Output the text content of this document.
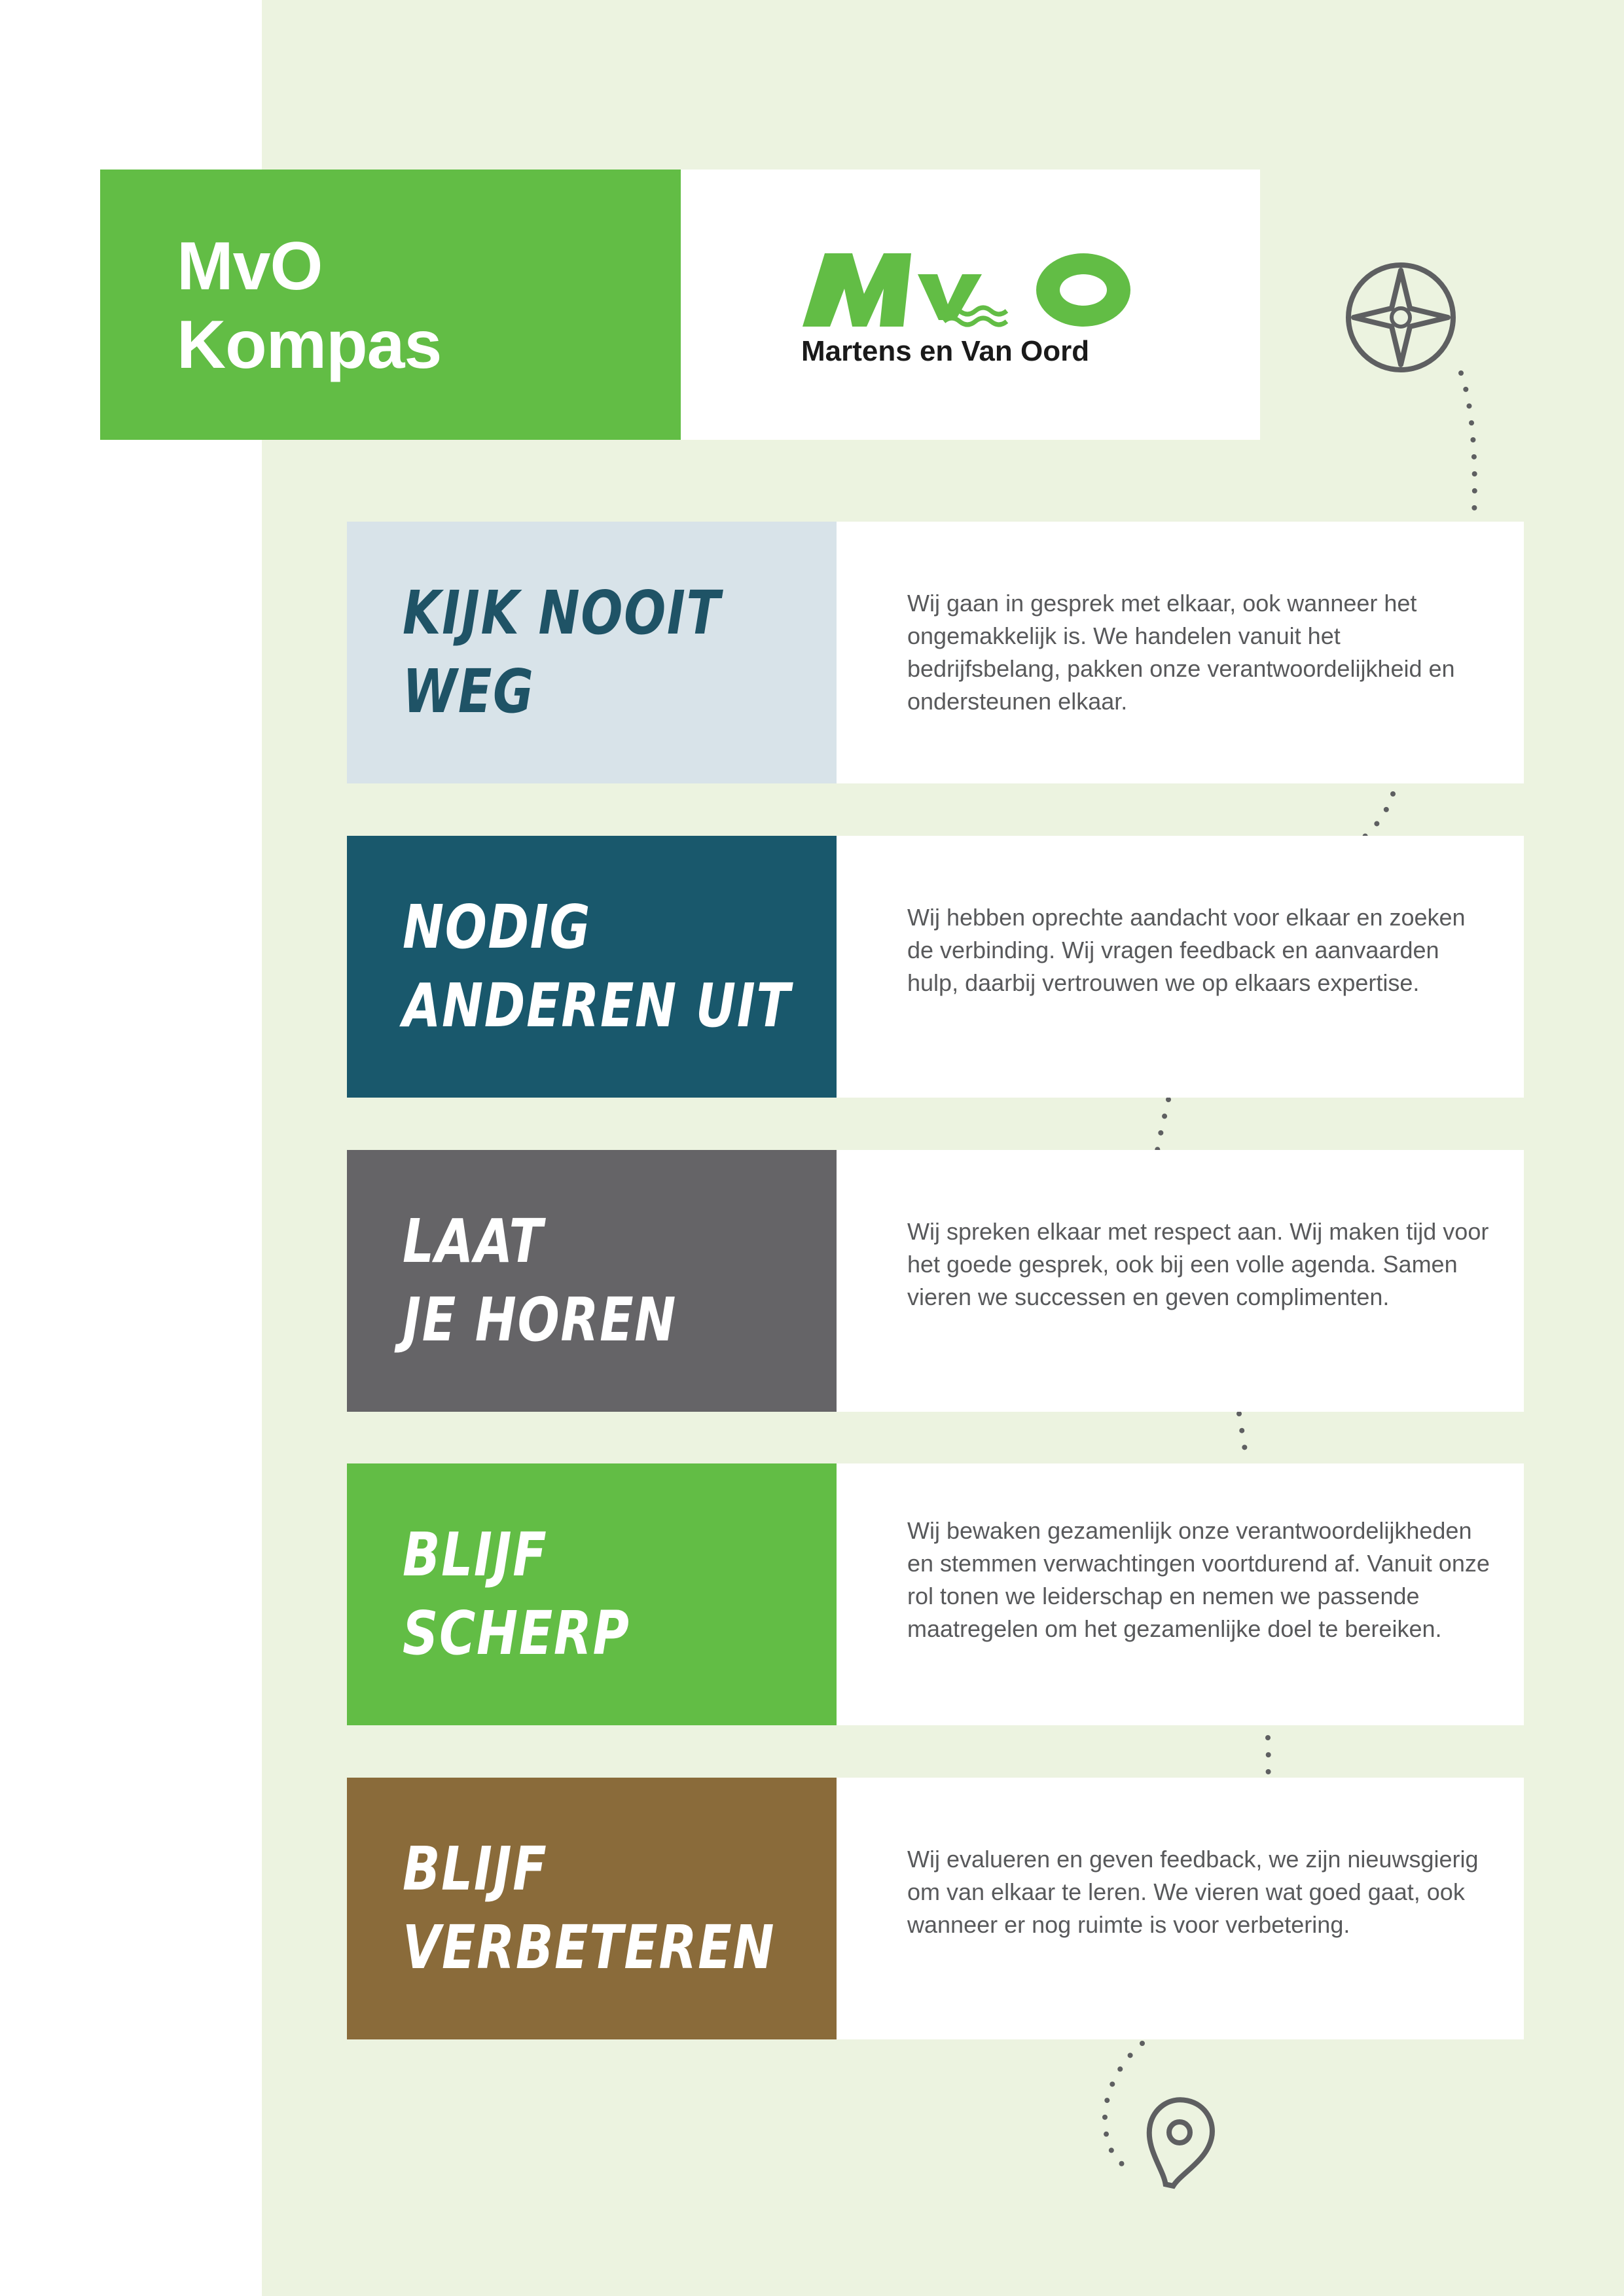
MvO
Kompas	Martens en Van Oord
KIJK NOOIT
WEG

Wij gaan in gesprek met elkaar, ook wanneer het ongemakkelijk is. We handelen vanuit het bedrijfsbelang, pakken onze verantwoordelijkheid en ondersteunen elkaar.

NODIG
ANDEREN UIT

Wij hebben oprechte aandacht voor elkaar en zoeken de verbinding. Wij vragen feedback en aanvaarden hulp, daarbij vertrouwen we op elkaars expertise.

LAAT
JE HOREN

Wij spreken elkaar met respect aan. Wij maken tijd voor het goede gesprek, ook bij een volle agenda. Samen vieren we successen en geven complimenten.

BLIJF
SCHERP

Wij bewaken gezamenlijk onze verantwoordelijkheden en stemmen verwachtingen voortdurend af. Vanuit onze rol tonen we leiderschap en nemen we passende maatregelen om het gezamenlijke doel te bereiken.

BLIJF
VERBETEREN

Wij evalueren en geven feedback, we zijn nieuwsgierig om van elkaar te leren. We vieren wat goed gaat, ook wanneer er nog ruimte is voor verbetering.
